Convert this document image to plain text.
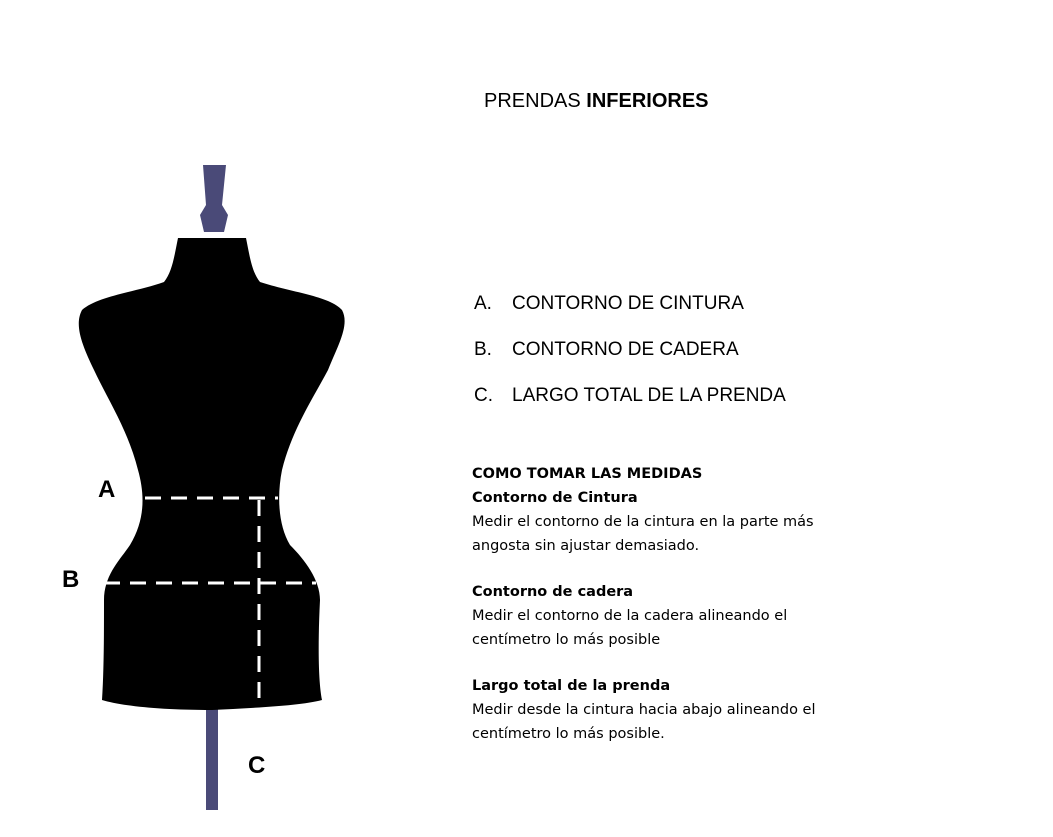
PRENDAS INFERIORES
A
B
C
A.	CONTORNO DE CINTURA
B.	CONTORNO DE CADERA
C.	LARGO TOTAL DE LA PRENDA
COMO TOMAR LAS MEDIDAS
Contorno de Cintura
Medir el contorno de la cintura en la parte más
angosta sin ajustar demasiado.
Contorno de cadera
Medir el contorno de la cadera alineando el
centímetro lo más posible
Largo total de la prenda
Medir desde la cintura hacia abajo alineando el
centímetro lo más posible.
